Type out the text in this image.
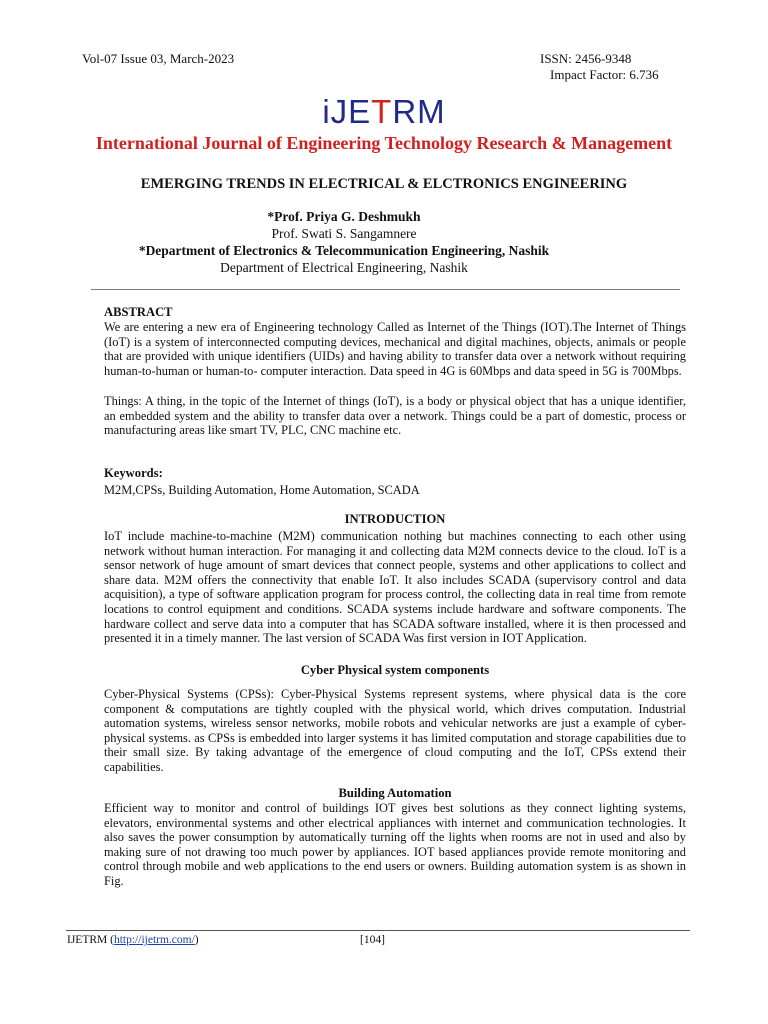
Vol-07 Issue 03, March-2023	ISSN: 2456-9348
Impact Factor: 6.736
iJETRM
International Journal of Engineering Technology Research & Management
EMERGING TRENDS IN ELECTRICAL & ELCTRONICS ENGINEERING
*Prof. Priya G. Deshmukh
Prof. Swati S. Sangamnere
*Department of Electronics & Telecommunication Engineering, Nashik
Department of Electrical Engineering, Nashik
ABSTRACT

We are entering a new era of Engineering technology Called as Internet of the Things (IOT).The Internet of Things (IoT) is a system of interconnected computing devices, mechanical and digital machines, objects, animals or people that are provided with unique identifiers (UIDs) and having ability to transfer data over a network without requiring human-to-human or human-to- computer interaction. Data speed in 4G is 60Mbps and data speed in 5G is 700Mbps.

Things: A thing, in the topic of the Internet of things (IoT), is a body or physical object that has a unique identifier, an embedded system and the ability to transfer data over a network. Things could be a part of domestic, process or manufacturing areas like smart TV, PLC, CNC machine etc.

Keywords:

M2M,CPSs, Building Automation, Home Automation, SCADA

INTRODUCTION

IoT include machine-to-machine (M2M) communication nothing but machines connecting to each other using network without human interaction. For managing it and collecting data M2M connects device to the cloud. IoT is a sensor network of huge amount of smart devices that connect people, systems and other applications to collect and share data. M2M offers the connectivity that enable IoT. It also includes SCADA (supervisory control and data acquisition), a type of software application program for process control, the collecting data in real time from remote locations to control equipment and conditions. SCADA systems include hardware and software components. The hardware collect and serve data into a computer that has SCADA software installed, where it is then processed and presented it in a timely manner. The last version of SCADA Was first version in IOT Application.

Cyber Physical system components

Cyber-Physical Systems (CPSs): Cyber-Physical Systems represent systems, where physical data is the core component & computations are tightly coupled with the physical world, which drives computation. Industrial automation systems, wireless sensor networks, mobile robots and vehicular networks are just a example of cyber-physical systems. as CPSs is embedded into larger systems it has limited computation and storage capabilities due to their small size. By taking advantage of the emergence of cloud computing and the IoT, CPSs extend their capabilities.

Building Automation

Efficient way to monitor and control of buildings IOT gives best solutions as they connect lighting systems, elevators, environmental systems and other electrical appliances with internet and communication technologies. It also saves the power consumption by automatically turning off the lights when rooms are not in used and also by making sure of not drawing too much power by appliances. IOT based appliances provide remote monitoring and control through mobile and web applications to the end users or owners. Building automation system is as shown in Fig.

IJETRM (http://ijetrm.com/)	[104]
